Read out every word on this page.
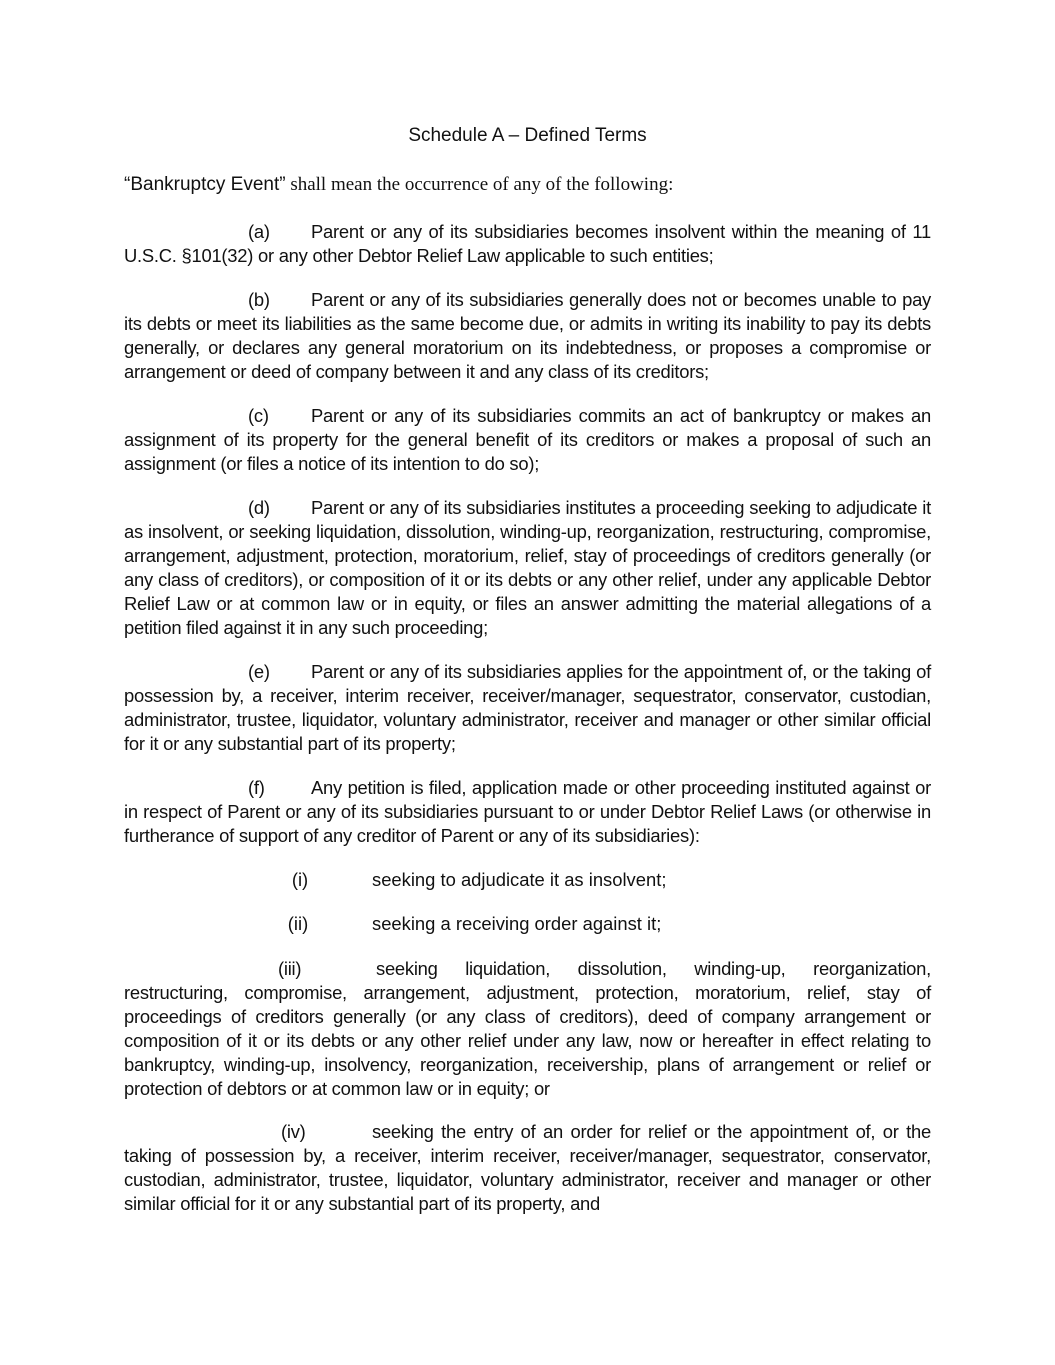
Schedule A – Defined Terms
“Bankruptcy Event” shall mean the occurrence of any of the following:
(a) Parent or any of its subsidiaries becomes insolvent within the meaning of 11 U.S.C. §101(32) or any other Debtor Relief Law applicable to such entities;
(b) Parent or any of its subsidiaries generally does not or becomes unable to pay its debts or meet its liabilities as the same become due, or admits in writing its inability to pay its debts generally, or declares any general moratorium on its indebtedness, or proposes a compromise or arrangement or deed of company between it and any class of its creditors;
(c) Parent or any of its subsidiaries commits an act of bankruptcy or makes an assignment of its property for the general benefit of its creditors or makes a proposal of such an assignment (or files a notice of its intention to do so);
(d) Parent or any of its subsidiaries institutes a proceeding seeking to adjudicate it as insolvent, or seeking liquidation, dissolution, winding-up, reorganization, restructuring, compromise, arrangement, adjustment, protection, moratorium, relief, stay of proceedings of creditors generally (or any class of creditors), or composition of it or its debts or any other relief, under any applicable Debtor Relief Law or at common law or in equity, or files an answer admitting the material allegations of a petition filed against it in any such proceeding;
(e) Parent or any of its subsidiaries applies for the appointment of, or the taking of possession by, a receiver, interim receiver, receiver/manager, sequestrator, conservator, custodian, administrator, trustee, liquidator, voluntary administrator, receiver and manager or other similar official for it or any substantial part of its property;
(f)	Any petition is filed, application made or other proceeding instituted against or in respect of Parent or any of its subsidiaries pursuant to or under Debtor Relief Laws (or otherwise in furtherance of support of any creditor of Parent or any of its subsidiaries):
(i)	seeking to adjudicate it as insolvent;
(ii)	seeking a receiving order against it;
(iii)	seeking liquidation, dissolution, winding-up, reorganization, restructuring, compromise, arrangement, adjustment, protection, moratorium, relief, stay of proceedings of creditors generally (or any class of creditors), deed of company arrangement or composition of it or its debts or any other relief under any law, now or hereafter in effect relating to bankruptcy, winding-up, insolvency, reorganization, receivership, plans of arrangement or relief or protection of debtors or at common law or in equity; or
(iv)	seeking the entry of an order for relief or the appointment of, or the taking of possession by, a receiver, interim receiver, receiver/manager, sequestrator, conservator, custodian, administrator, trustee, liquidator, voluntary administrator, receiver and manager or other similar official for it or any substantial part of its property, and
